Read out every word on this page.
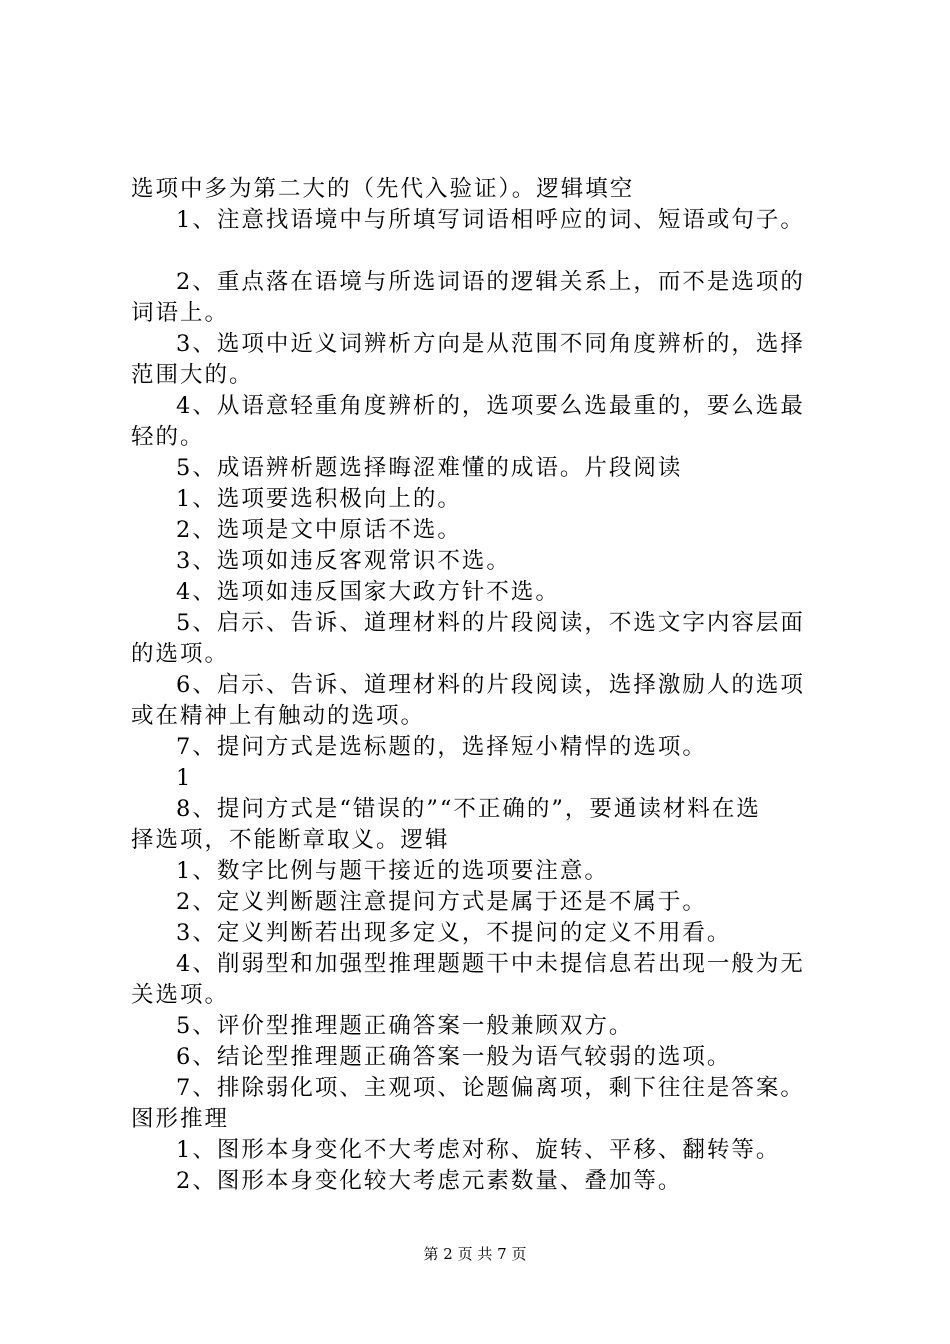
选项中多为第二大的（先代入验证）。逻辑填空
1、注意找语境中与所填写词语相呼应的词、短语或句子。
2、重点落在语境与所选词语的逻辑关系上，而不是选项的
词语上。
3、选项中近义词辨析方向是从范围不同角度辨析的，选择
范围大的。
4、从语意轻重角度辨析的，选项要么选最重的，要么选最
轻的。
5、成语辨析题选择晦涩难懂的成语。片段阅读
1、选项要选积极向上的。
2、选项是文中原话不选。
3、选项如违反客观常识不选。
4、选项如违反国家大政方针不选。
5、启示、告诉、道理材料的片段阅读，不选文字内容层面
的选项。
6、启示、告诉、道理材料的片段阅读，选择激励人的选项
或在精神上有触动的选项。
7、提问方式是选标题的，选择短小精悍的选项。
1
8、提问方式是“错误的”“不正确的”，要通读材料在选
择选项，不能断章取义。逻辑
1、数字比例与题干接近的选项要注意。
2、定义判断题注意提问方式是属于还是不属于。
3、定义判断若出现多定义，不提问的定义不用看。
4、削弱型和加强型推理题题干中未提信息若出现一般为无
关选项。
5、评价型推理题正确答案一般兼顾双方。
6、结论型推理题正确答案一般为语气较弱的选项。
7、排除弱化项、主观项、论题偏离项，剩下往往是答案。
图形推理
1、图形本身变化不大考虑对称、旋转、平移、翻转等。
2、图形本身变化较大考虑元素数量、叠加等。
第 2 页 共 7 页
